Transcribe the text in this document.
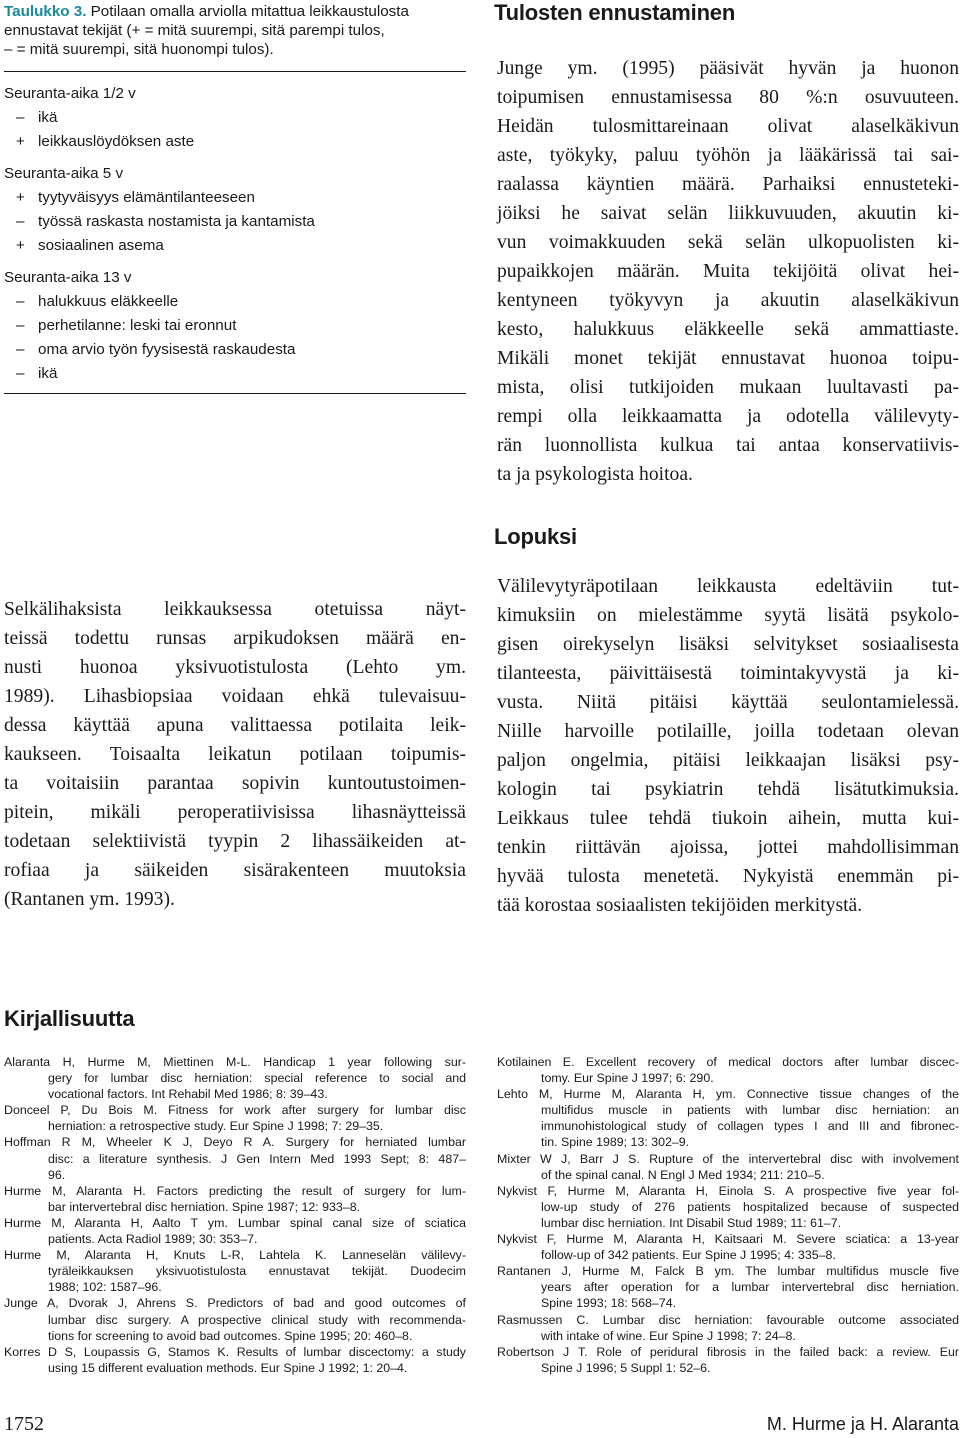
Taulukko 3. Potilaan omalla arviolla mitattua leikkaustulosta
ennustavat tekijät (+ = mitä suurempi, sitä parempi tulos,
– = mitä suurempi, sitä huonompi tulos).
Seuranta-aika 1/2 v
– ikä
+ leikkauslöydöksen aste
Seuranta-aika 5 v
+ tyytyväisyys elämäntilanteeseen
– työssä raskasta nostamista ja kantamista
+ sosiaalinen asema
Seuranta-aika 13 v
– halukkuus eläkkeelle
– perhetilanne: leski tai eronnut
– oma arvio työn fyysisestä raskaudesta
– ikä
Tulosten ennustaminen
Junge ym. (1995) pääsivät hyvän ja huonon
toipumisen ennustamisessa 80 %:n osuvuuteen.
Heidän tulosmittareinaan olivat alaselkäkivun
aste, työkyky, paluu työhön ja lääkärissä tai sai-
raalassa käyntien määrä. Parhaiksi ennusteteki-
jöiksi he saivat selän liikkuvuuden, akuutin ki-
vun voimakkuuden sekä selän ulkopuolisten ki-
pupaikkojen määrän. Muita tekijöitä olivat hei-
kentyneen työkyvyn ja akuutin alaselkäkivun
kesto, halukkuus eläkkeelle sekä ammattiaste.
Mikäli monet tekijät ennustavat huonoa toipu-
mista, olisi tutkijoiden mukaan luultavasti pa-
rempi olla leikkaamatta ja odotella välilevyty-
rän luonnollista kulkua tai antaa konservatiivis-
ta ja psykologista hoitoa.
Lopuksi
Välilevytyräpotilaan leikkausta edeltäviin tut-
kimuksiin on mielestämme syytä lisätä psykolo-
gisen oirekyselyn lisäksi selvitykset sosiaalisesta
tilanteesta, päivittäisestä toimintakyvystä ja ki-
vusta. Niitä pitäisi käyttää seulontamielessä.
Niille harvoille potilaille, joilla todetaan olevan
paljon ongelmia, pitäisi leikkaajan lisäksi psy-
kologin tai psykiatrin tehdä lisätutkimuksia.
Leikkaus tulee tehdä tiukoin aihein, mutta kui-
tenkin riittävän ajoissa, jottei mahdollisimman
hyvää tulosta menetetä. Nykyistä enemmän pi-
tää korostaa sosiaalisten tekijöiden merkitystä.
Selkälihaksista leikkauksessa otetuissa näyt-
teissä todettu runsas arpikudoksen määrä en-
nusti huonoa yksivuotistulosta (Lehto ym.
1989). Lihasbiopsiaa voidaan ehkä tulevaisuu-
dessa käyttää apuna valittaessa potilaita leik-
kaukseen. Toisaalta leikatun potilaan toipumis-
ta voitaisiin parantaa sopivin kuntoutustoimen-
pitein, mikäli peroperatiivisissa lihasnäytteissä
todetaan selektiivistä tyypin 2 lihassäikeiden at-
rofiaa ja säikeiden sisärakenteen muutoksia
(Rantanen ym. 1993).
Kirjallisuutta
Alaranta H, Hurme M, Miettinen M-L. Handicap 1 year following sur-
gery for lumbar disc herniation: special reference to social and
vocational factors. Int Rehabil Med 1986; 8: 39–43.
Donceel P, Du Bois M. Fitness for work after surgery for lumbar disc
herniation: a retrospective study. Eur Spine J 1998; 7: 29–35.
Hoffman R M, Wheeler K J, Deyo R A. Surgery for herniated lumbar
disc: a literature synthesis. J Gen Intern Med 1993 Sept; 8: 487–
96.
Hurme M, Alaranta H. Factors predicting the result of surgery for lum-
bar intervertebral disc herniation. Spine 1987; 12: 933–8.
Hurme M, Alaranta H, Aalto T ym. Lumbar spinal canal size of sciatica
patients. Acta Radiol 1989; 30: 353–7.
Hurme M, Alaranta H, Knuts L-R, Lahtela K. Lanneselän välilevy-
tyräleikkauksen yksivuotistulosta ennustavat tekijät. Duodecim
1988; 102: 1587–96.
Junge A, Dvorak J, Ahrens S. Predictors of bad and good outcomes of
lumbar disc surgery. A prospective clinical study with recommenda-
tions for screening to avoid bad outcomes. Spine 1995; 20: 460–8.
Korres D S, Loupassis G, Stamos K. Results of lumbar discectomy: a study
using 15 different evaluation methods. Eur Spine J 1992; 1: 20–4.
Kotilainen E. Excellent recovery of medical doctors after lumbar discec-
tomy. Eur Spine J 1997; 6: 290.
Lehto M, Hurme M, Alaranta H, ym. Connective tissue changes of the
multifidus muscle in patients with lumbar disc herniation: an
immunohistological study of collagen types I and III and fibronec-
tin. Spine 1989; 13: 302–9.
Mixter W J, Barr J S. Rupture of the intervertebral disc with involvement
of the spinal canal. N Engl J Med 1934; 211: 210–5.
Nykvist F, Hurme M, Alaranta H, Einola S. A prospective five year fol-
low-up study of 276 patients hospitalized because of suspected
lumbar disc herniation. Int Disabil Stud 1989; 11: 61–7.
Nykvist F, Hurme M, Alaranta H, Kaitsaari M. Severe sciatica: a 13-year
follow-up of 342 patients. Eur Spine J 1995; 4: 335–8.
Rantanen J, Hurme M, Falck B ym. The lumbar multifidus muscle five
years after operation for a lumbar intervertebral disc herniation.
Spine 1993; 18: 568–74.
Rasmussen C. Lumbar disc herniation: favourable outcome associated
with intake of wine. Eur Spine J 1998; 7: 24–8.
Robertson J T. Role of peridural fibrosis in the failed back: a review. Eur
Spine J 1996; 5 Suppl 1: 52–6.
1752	M. Hurme ja H. Alaranta
